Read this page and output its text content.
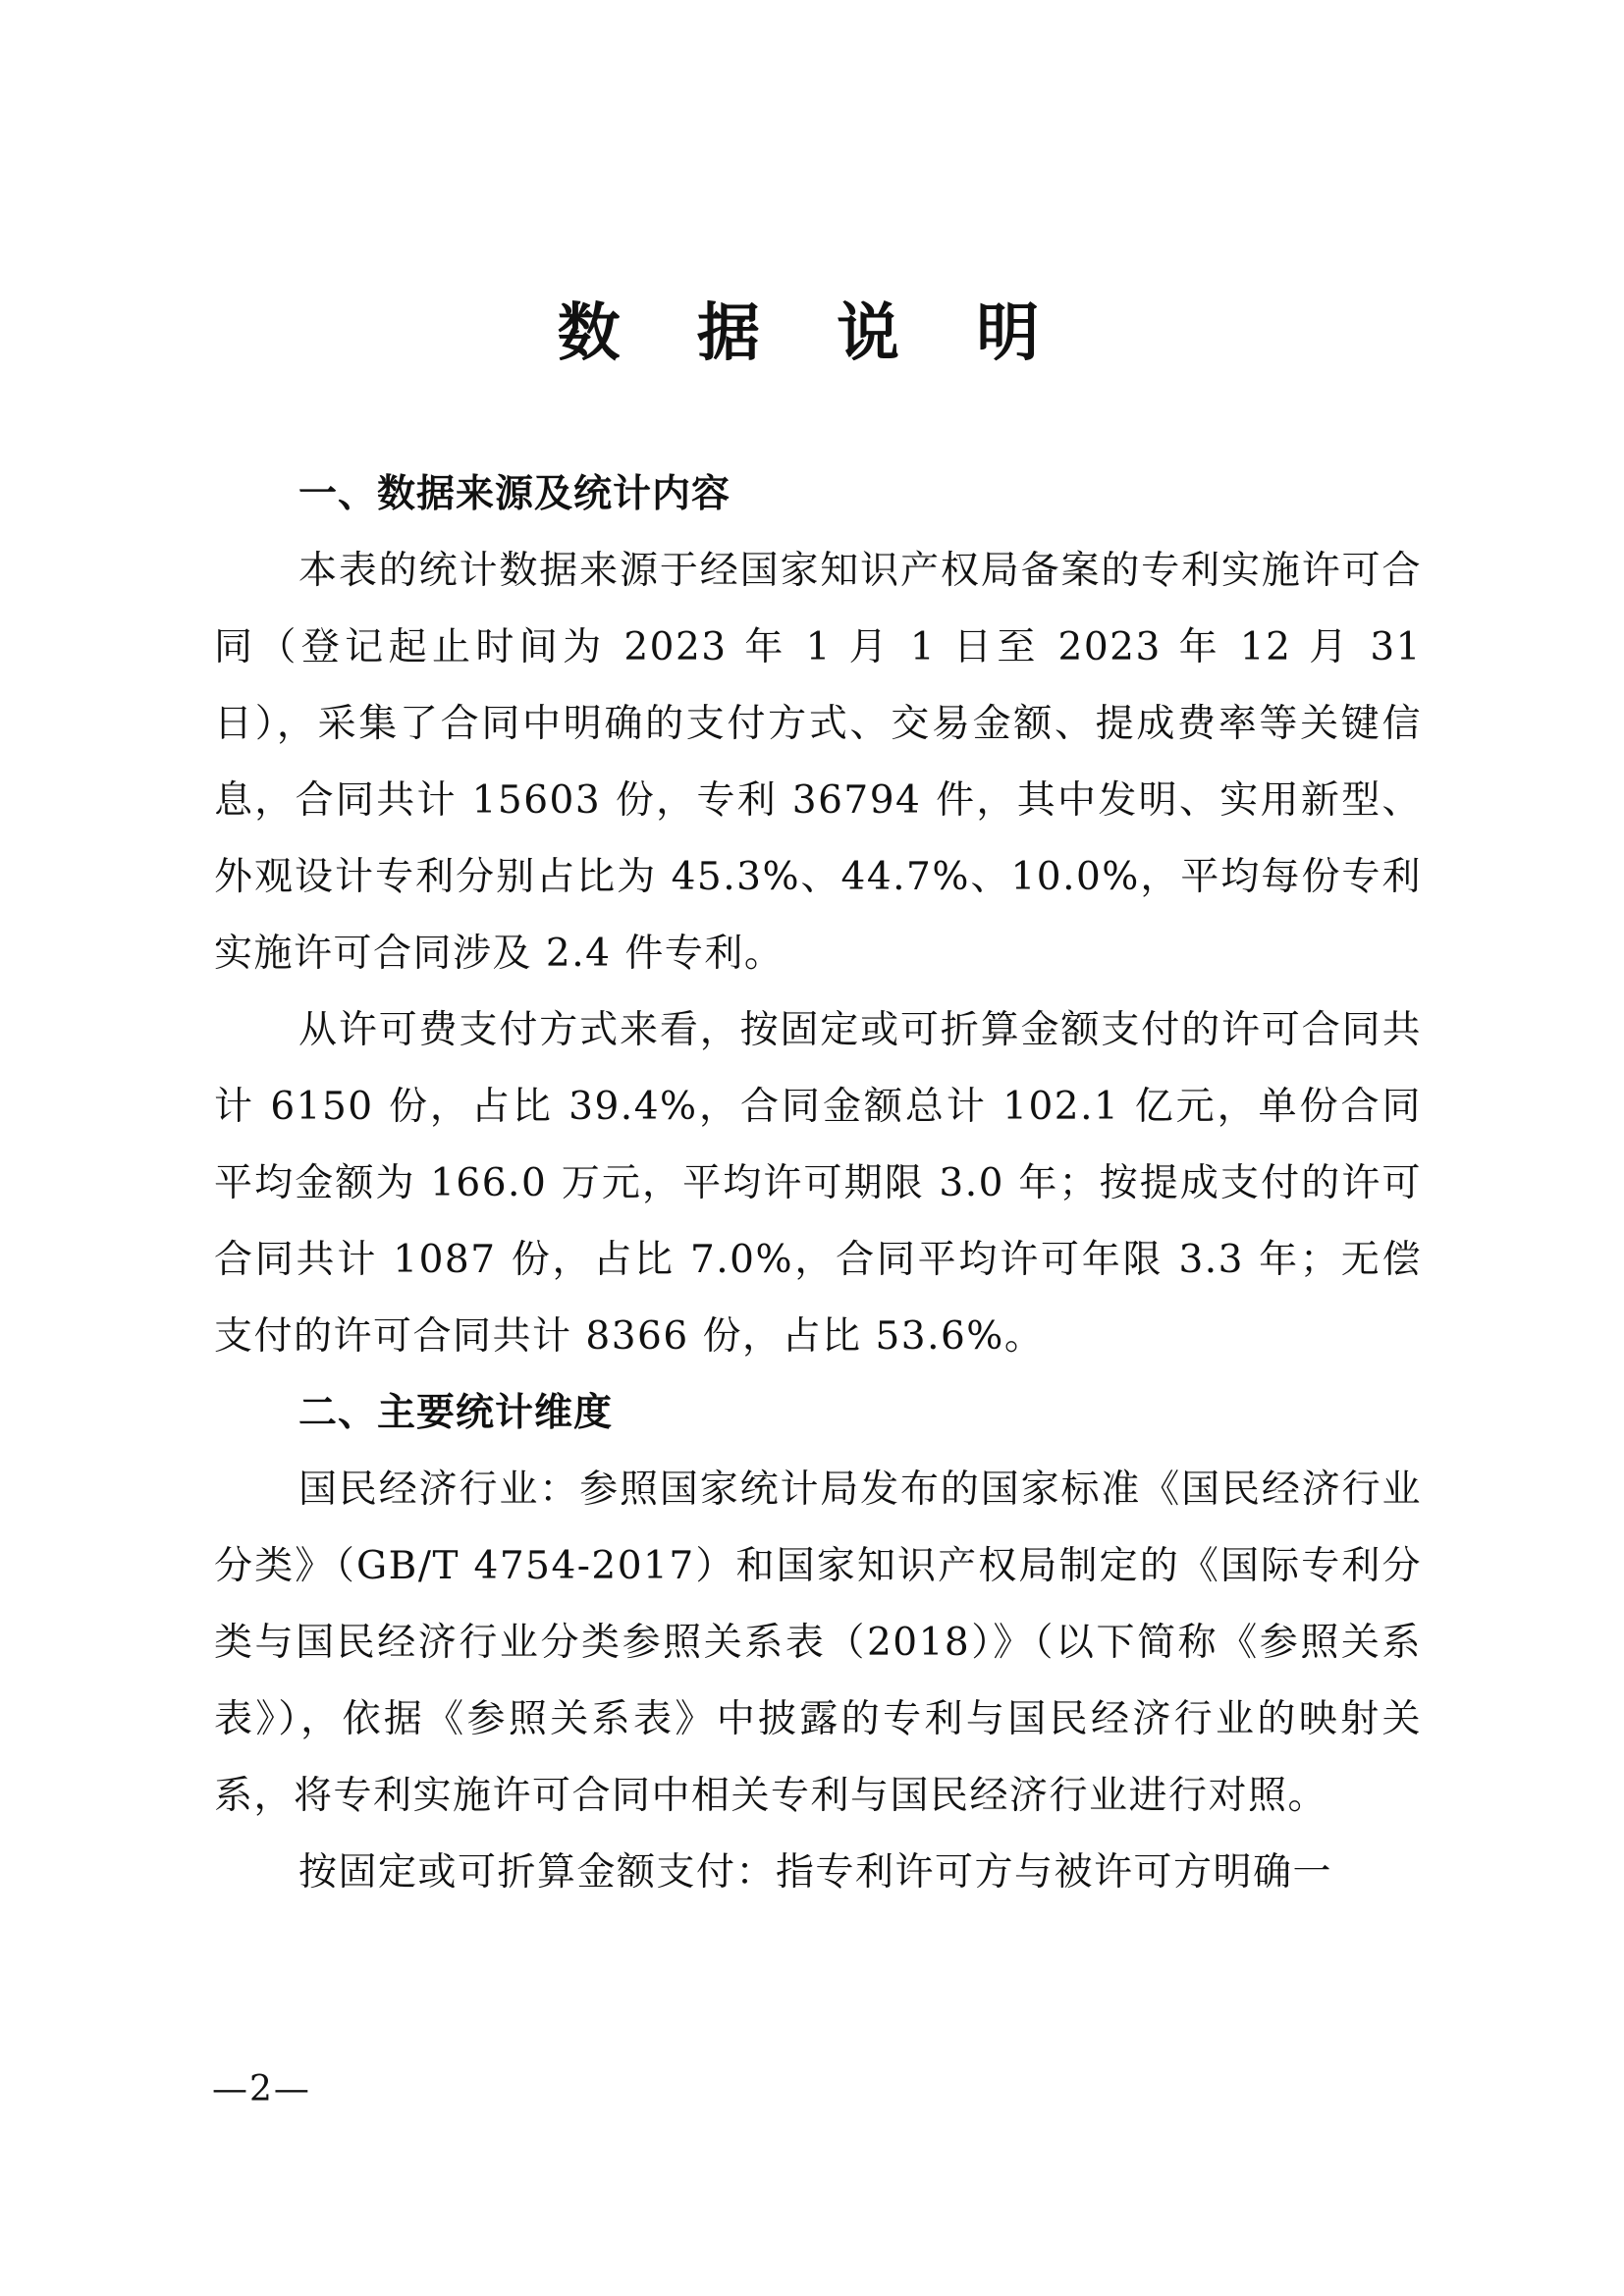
数 据 说 明

一、数据来源及统计内容

本表的统计数据来源于经国家知识产权局备案的专利实施许可合同（登记起止时间为 2023 年 1 月 1 日至 2023 年 12 月 31 日），采集了合同中明确的支付方式、交易金额、提成费率等关键信息，合同共计 15603 份，专利 36794 件，其中发明、实用新型、外观设计专利分别占比为 45.3%、44.7%、10.0%，平均每份专利实施许可合同涉及 2.4 件专利。

从许可费支付方式来看，按固定或可折算金额支付的许可合同共计 6150 份，占比 39.4%，合同金额总计 102.1 亿元，单份合同平均金额为 166.0 万元，平均许可期限 3.0 年；按提成支付的许可合同共计 1087 份，占比 7.0%，合同平均许可年限 3.3 年；无偿支付的许可合同共计 8366 份，占比 53.6%。

二、主要统计维度

国民经济行业：参照国家统计局发布的国家标准《国民经济行业分类》（GB/T 4754-2017）和国家知识产权局制定的《国际专利分类与国民经济行业分类参照关系表（2018）》（以下简称《参照关系表》），依据《参照关系表》中披露的专利与国民经济行业的映射关系，将专利实施许可合同中相关专利与国民经济行业进行对照。

按固定或可折算金额支付：指专利许可方与被许可方明确一

—2—
